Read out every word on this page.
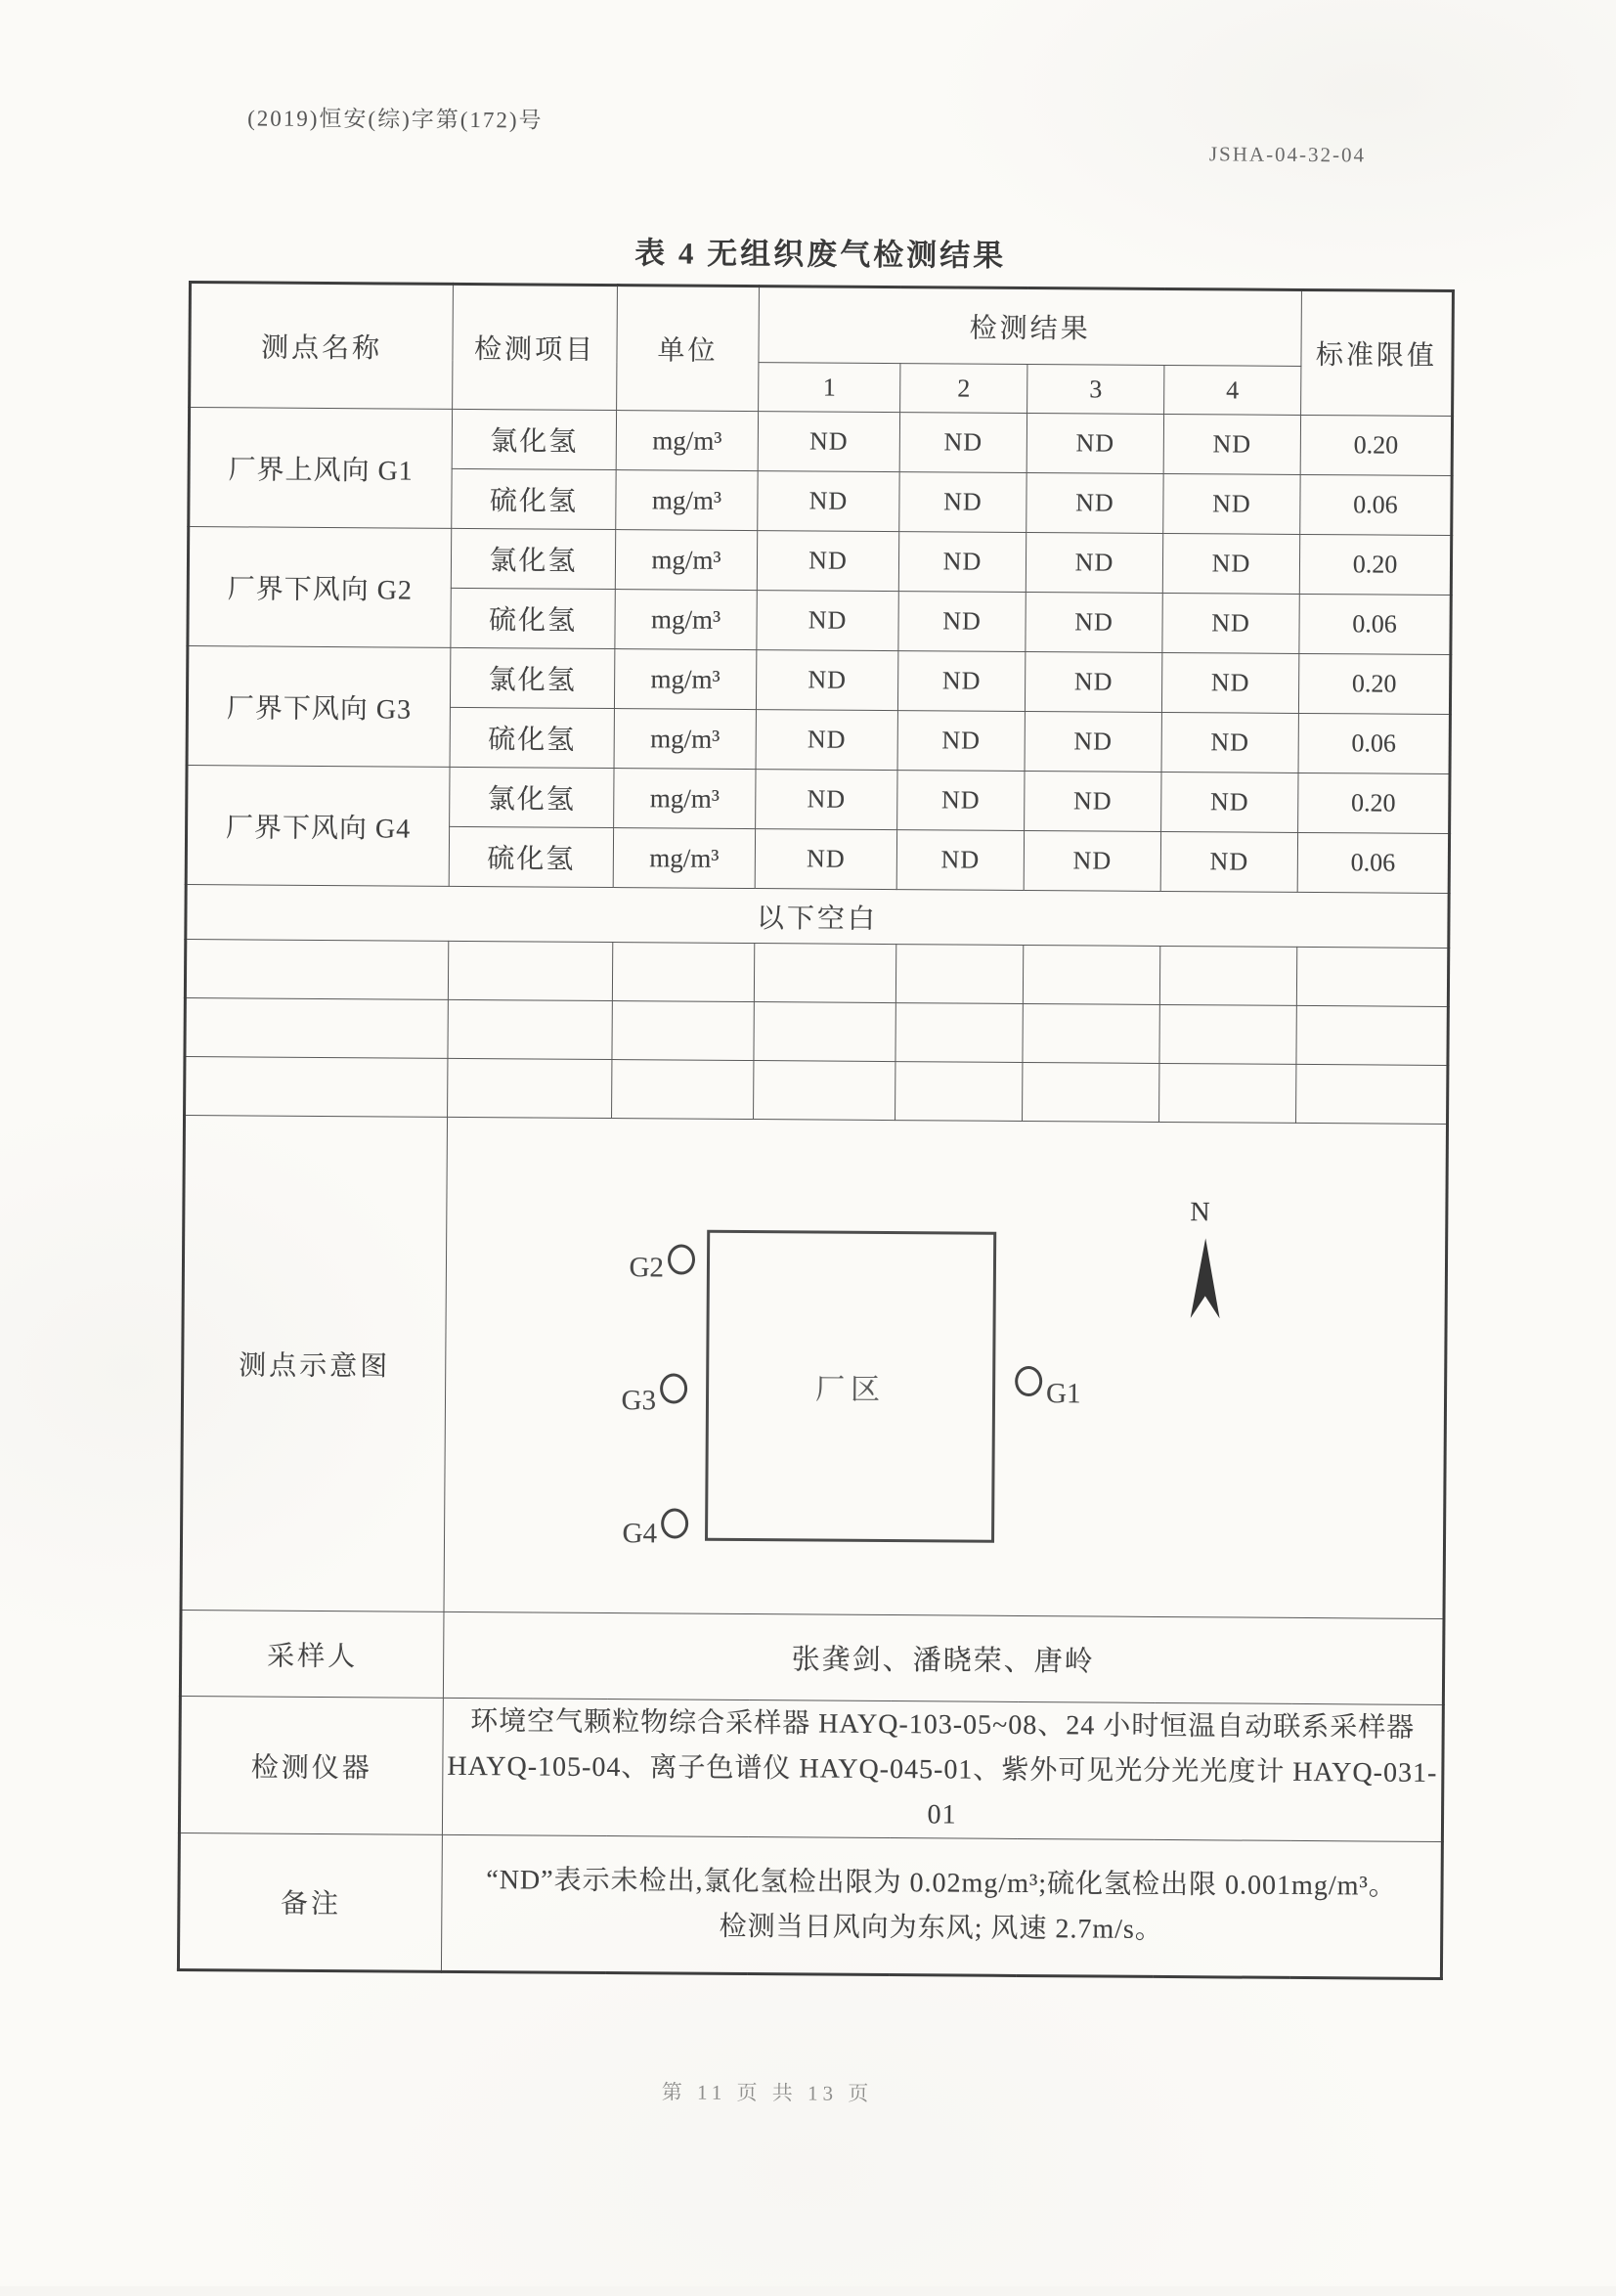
(2019)恒安(综)字第(172)号
JSHA-04-32-04
表 4 无组织废气检测结果
测点名称	检测项目	单位	检测结果				标准限值
			1	2	3	4	
厂界上风向 G1	氯化氢	mg/m³	ND	ND	ND	ND	0.20
	硫化氢	mg/m³	ND	ND	ND	ND	0.06
厂界下风向 G2	氯化氢	mg/m³	ND	ND	ND	ND	0.20
	硫化氢	mg/m³	ND	ND	ND	ND	0.06
厂界下风向 G3	氯化氢	mg/m³	ND	ND	ND	ND	0.20
	硫化氢	mg/m³	ND	ND	ND	ND	0.06
厂界下风向 G4	氯化氢	mg/m³	ND	ND	ND	ND	0.20
	硫化氢	mg/m³	ND	ND	ND	ND	0.06
以下空白							

测点示意图	
厂区
G2
G3
G4
G1
N

采样人	张龚剑、潘晓荣、唐岭						
检测仪器	环境空气颗粒物综合采样器 HAYQ-103-05~08、24 小时恒温自动联系采样器 HAYQ-105-04、离子色谱仪 HAYQ-045-01、紫外可见光分光光度计 HAYQ-031-01						
备注	“ND”表示未检出,氯化氢检出限为 0.02mg/m³;硫化氢检出限 0.001mg/m³。
检测当日风向为东风; 风速 2.7m/s。						
第 11 页 共 13 页
